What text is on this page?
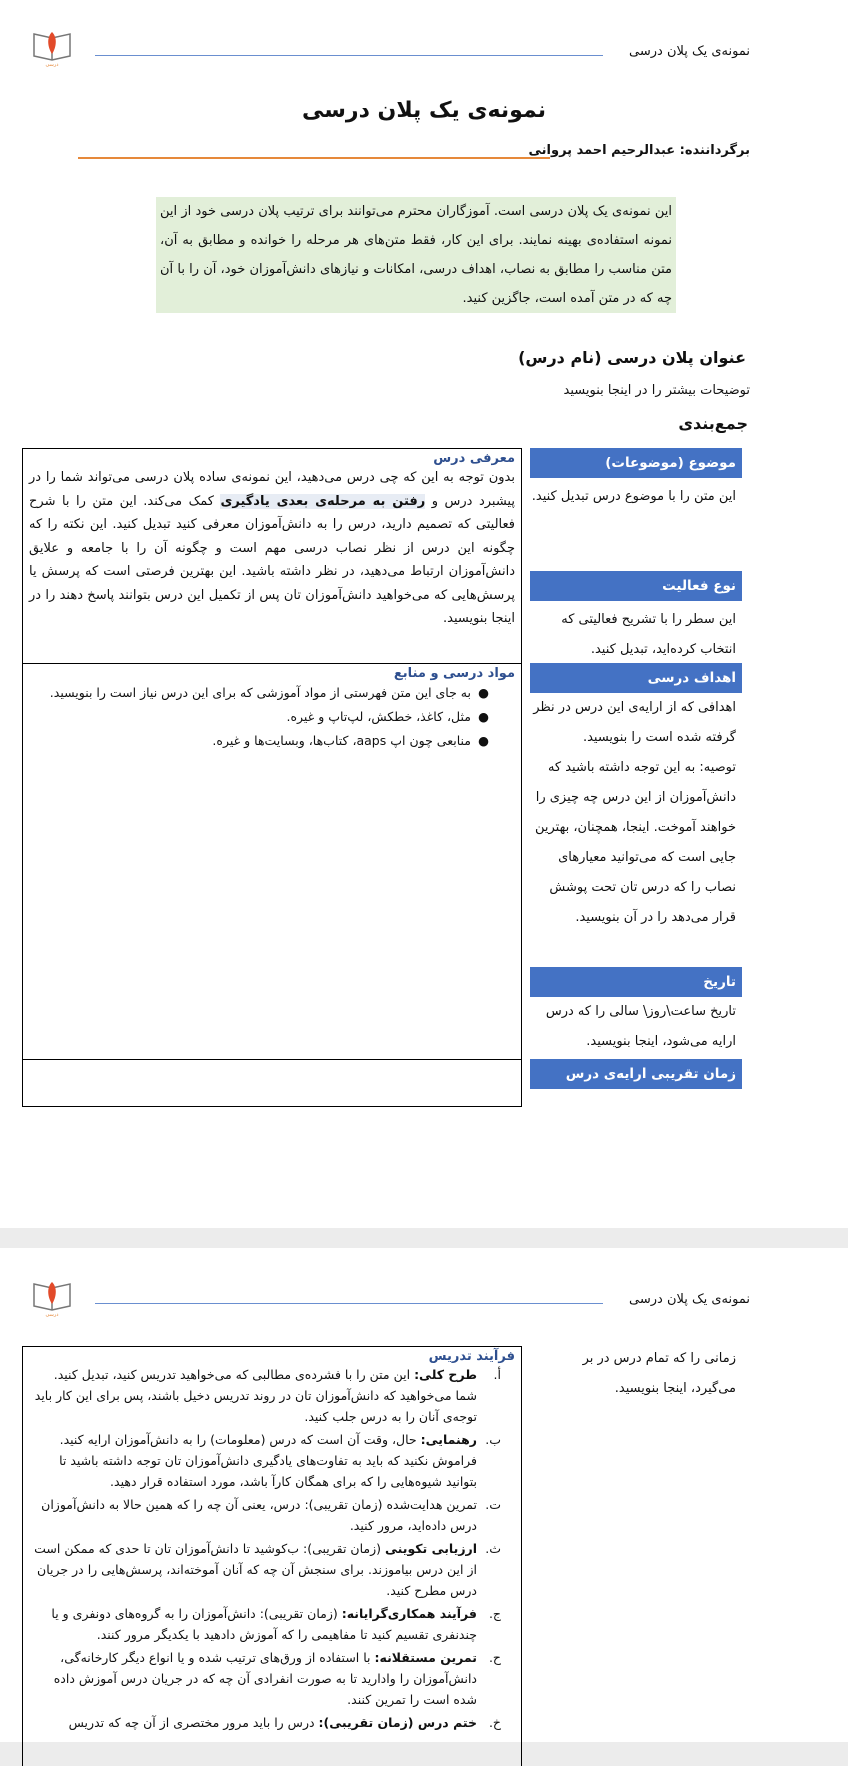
درسی
نمونه‌ی یک پلان درسی
نمونه‌ی یک پلان درسی
برگرداننده: عبدالرحیم احمد پروانی
این نمونه‌ی یک پلان درسی است. آموزگاران محترم می‌توانند برای ترتیب پلان درسی خود از این نمونه استفاده‌ی بهینه نمایند. برای این کار، فقط متن‌های هر مرحله را خوانده و مطابق به آن، متن مناسب را مطابق به نصاب، اهداف درسی، امکانات و نیازهای دانش‌آموزان خود، آن را با آن چه که در متن آمده است، جاگزین کنید.
عنوان پلان درسی (نام درس)
توضیحات بیشتر را در اینجا بنویسید
جمع‌بندی
موضوع (موضوعات)
این متن را با موضوع درس تبدیل کنید.
نوع فعالیت
این سطر را با تشریح فعالیتی که انتخاب کرده‌اید، تبدیل کنید.
اهداف درسی
اهدافی که از ارایه‌ی این درس در نظر گرفته شده است را بنویسید.
توصیه: به این توجه داشته باشید که دانش‌آموزان از این درس چه چیزی را خواهند آموخت. اینجا، همچنان، بهترین جایی است که می‌توانید معیارهای نصاب را که درس تان تحت پوشش قرار می‌دهد را در آن بنویسید.
تاریخ
تاریخ ساعت\روز\ سالی را که درس ارایه می‌شود، اینجا بنویسید.
زمان تقریبی ارایه‌ی درس
معرفی درس
بدون توجه به این که چی درس می‌دهید، این نمونه‌ی ساده پلان درسی می‌تواند شما را در پیشبرد درس و رفتن به مرحله‌ی بعدی یادگیری کمک می‌کند. این متن را با شرح فعالیتی که تصمیم دارید، درس را به دانش‌آموزان معرفی کنید تبدیل کنید. این نکته را که چگونه این درس از نظر نصاب درسی مهم است و چگونه آن را با جامعه و علایق دانش‌آموزان ارتباط می‌دهید، در نظر داشته باشید. این بهترین فرصتی است که پرسش یا پرسش‌هایی که می‌خواهید دانش‌آموزان تان پس از تکمیل این درس بتوانند پاسخ دهند را در اینجا بنویسید.
مواد درسی و منابع
●
به جای این متن فهرستی از مواد آموزشی که برای این درس نیاز است را بنویسید.
●
مثل، کاغذ، خطکش، لپ‌تاپ و غیره.
●
منابعی چون اپ aaps، کتاب‌ها، وبسایت‌ها و غیره.
درسی
نمونه‌ی یک پلان درسی
زمانی را که تمام درس در بر می‌گیرد، اینجا بنویسید.
فرآیند تدریس
أ.
طرح کلی: این متن را با فشرده‌ی مطالبی که می‌خواهید تدریس کنید، تبدیل کنید. شما می‌خواهید که دانش‌آموزان تان در روند تدریس دخیل باشند، پس برای این کار باید توجه‌ی آنان را به درس جلب کنید.
ب.
رهنمایی: حال، وقت آن است که درس (معلومات) را به دانش‌آموزان ارایه کنید. فراموش نکنید که باید به تفاوت‌های یادگیری دانش‌آموزان تان توجه داشته باشید تا بتوانید شیوه‌هایی را که برای همگان کارآ باشد، مورد استفاده قرار دهید.
ت.
تمرین هدایت‌شده (زمان تقریبی): درس، یعنی آن چه را که همین حالا به دانش‌آموزان درس داده‌اید، مرور کنید.
ث.
ارزیابی تکوینی (زمان تقریبی): ب‌کوشید تا دانش‌آموزان تان تا حدی که ممکن است از این درس بیاموزند. برای سنجش آن چه که آنان آموخته‌اند، پرسش‌هایی را در جریان درس مطرح کنید.
ج.
فرآیند همکاری‌گرایانه: (زمان تقریبی): دانش‌آموزان را به گروه‌های دونفری و یا چندنفری تقسیم کنید تا مفاهیمی را که آموزش دادهید با یکدیگر مرور کنند.
ح.
تمرین مستقلانه: با استفاده از ورق‌های ترتیب شده و یا انواع دیگر کارخانه‌گی، دانش‌آموزان را وادارید تا به صورت انفرادی آن چه که در جریان درس آموزش داده شده است را تمرین کنند.
خ.
ختم درس (زمان تقریبی): درس را باید مرور مختصری از آن چه که تدریس
